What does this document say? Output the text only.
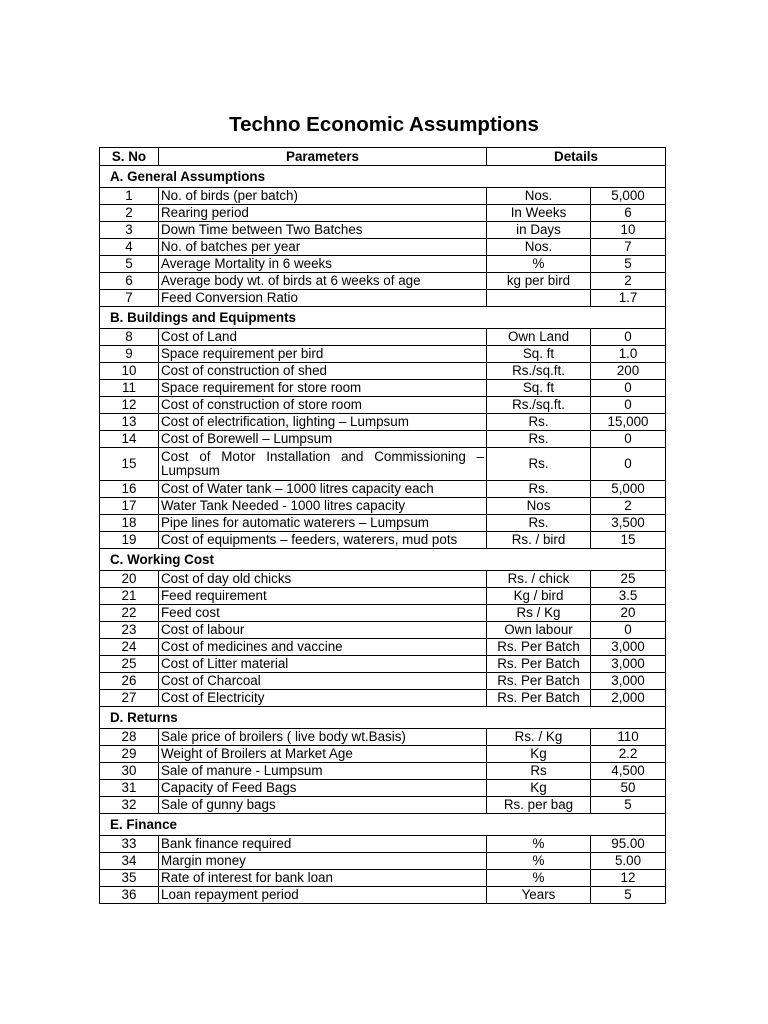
Techno Economic Assumptions
S. No	Parameters	Details	
A. General Assumptions			
1	No. of birds (per batch)	Nos.	5,000
2	Rearing period	In Weeks	6
3	Down Time between Two Batches	in Days	10
4	No. of batches per year	Nos.	7
5	Average Mortality in 6 weeks	%	5
6	Average body wt. of birds at 6 weeks of age	kg per bird	2
7	Feed Conversion Ratio		1.7
B. Buildings and Equipments			
8	Cost of Land	Own Land	0
9	Space requirement per bird	Sq. ft	1.0
10	Cost of construction of shed	Rs./sq.ft.	200
11	Space requirement for store room	Sq. ft	0
12	Cost of construction of store room	Rs./sq.ft.	0
13	Cost of electrification, lighting – Lumpsum	Rs.	15,000
14	Cost of Borewell – Lumpsum	Rs.	0
15	Cost of Motor Installation and Commissioning – Lumpsum	Rs.	0
16	Cost of Water tank – 1000 litres capacity each	Rs.	5,000
17	Water Tank Needed - 1000 litres capacity	Nos	2
18	Pipe lines for automatic waterers – Lumpsum	Rs.	3,500
19	Cost of equipments – feeders, waterers, mud pots	Rs. / bird	15
C. Working Cost			
20	Cost of day old chicks	Rs. / chick	25
21	Feed requirement	Kg / bird	3.5
22	Feed cost	Rs / Kg	20
23	Cost of labour	Own labour	0
24	Cost of medicines and vaccine	Rs. Per Batch	3,000
25	Cost of Litter material	Rs. Per Batch	3,000
26	Cost of Charcoal	Rs. Per Batch	3,000
27	Cost of Electricity	Rs. Per Batch	2,000
D. Returns			
28	Sale price of broilers ( live body wt.Basis)	Rs. / Kg	110
29	Weight of Broilers at Market Age	Kg	2.2
30	Sale of manure - Lumpsum	Rs	4,500
31	Capacity of Feed Bags	Kg	50
32	Sale of gunny bags	Rs. per bag	5
E. Finance			
33	Bank finance required	%	95.00
34	Margin money	%	5.00
35	Rate of interest for bank loan	%	12
36	Loan repayment period	Years	5
